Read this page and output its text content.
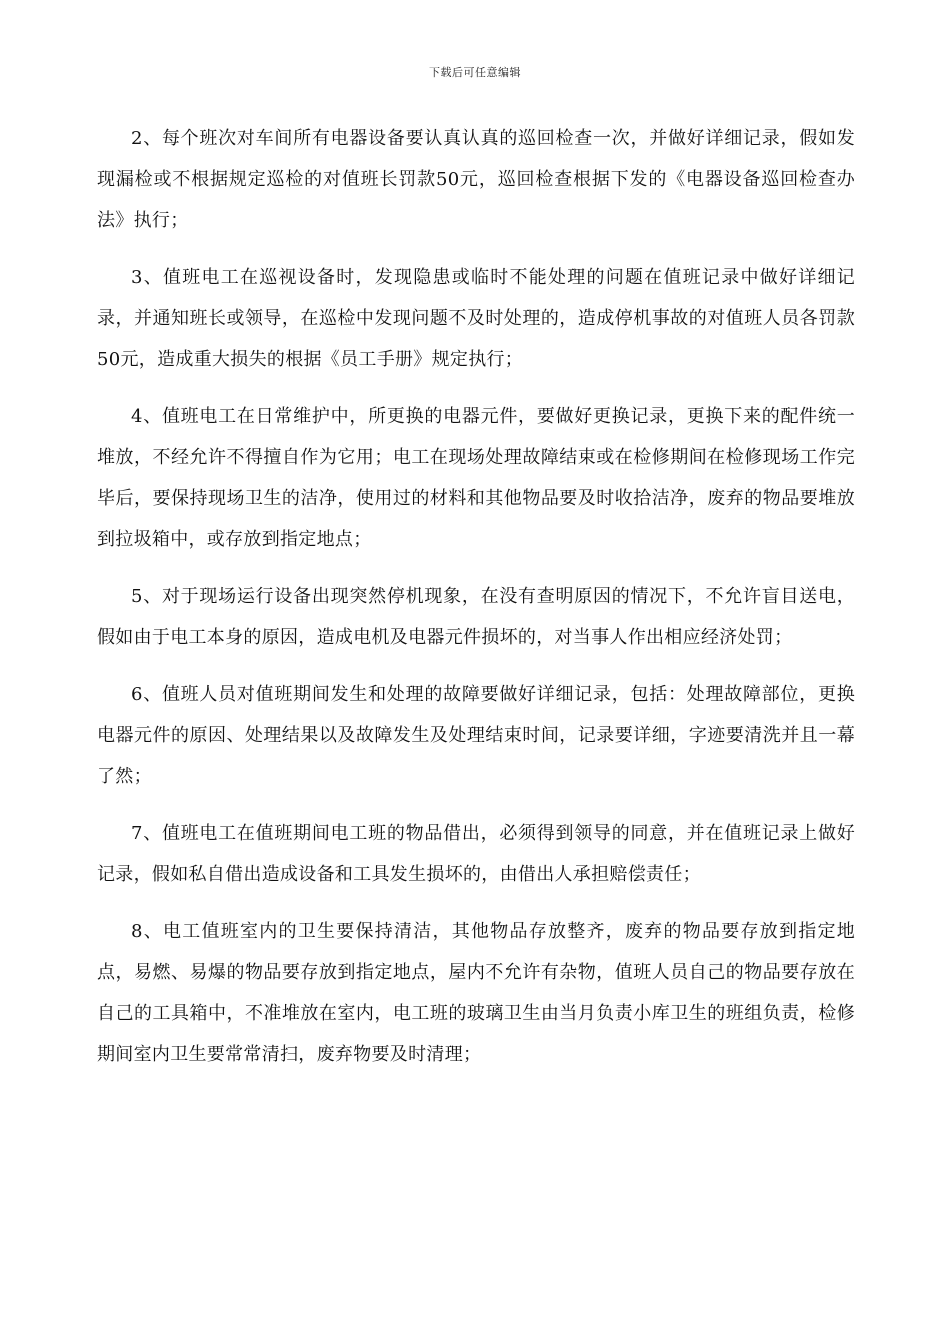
下载后可任意编辑

2、每个班次对车间所有电器设备要认真认真的巡回检查一次，并做好详细记录，假如发现漏检或不根据规定巡检的对值班长罚款50元，巡回检查根据下发的《电器设备巡回检查办法》执行；

3、值班电工在巡视设备时，发现隐患或临时不能处理的问题在值班记录中做好详细记录，并通知班长或领导，在巡检中发现问题不及时处理的，造成停机事故的对值班人员各罚款50元，造成重大损失的根据《员工手册》规定执行；

4、值班电工在日常维护中，所更换的电器元件，要做好更换记录，更换下来的配件统一堆放，不经允许不得擅自作为它用；电工在现场处理故障结束或在检修期间在检修现场工作完毕后，要保持现场卫生的洁净，使用过的材料和其他物品要及时收拾洁净，废弃的物品要堆放到拉圾箱中，或存放到指定地点；

5、对于现场运行设备出现突然停机现象，在没有查明原因的情况下，不允许盲目送电，假如由于电工本身的原因，造成电机及电器元件损坏的，对当事人作出相应经济处罚；

6、值班人员对值班期间发生和处理的故障要做好详细记录，包括：处理故障部位，更换电器元件的原因、处理结果以及故障发生及处理结束时间，记录要详细，字迹要清洗并且一幕了然；

7、值班电工在值班期间电工班的物品借出，必须得到领导的同意，并在值班记录上做好记录，假如私自借出造成设备和工具发生损坏的，由借出人承担赔偿责任；

8、电工值班室内的卫生要保持清洁，其他物品存放整齐，废弃的物品要存放到指定地点，易燃、易爆的物品要存放到指定地点，屋内不允许有杂物，值班人员自己的物品要存放在自己的工具箱中，不准堆放在室内，电工班的玻璃卫生由当月负责小库卫生的班组负责，检修期间室内卫生要常常清扫，废弃物要及时清理；
